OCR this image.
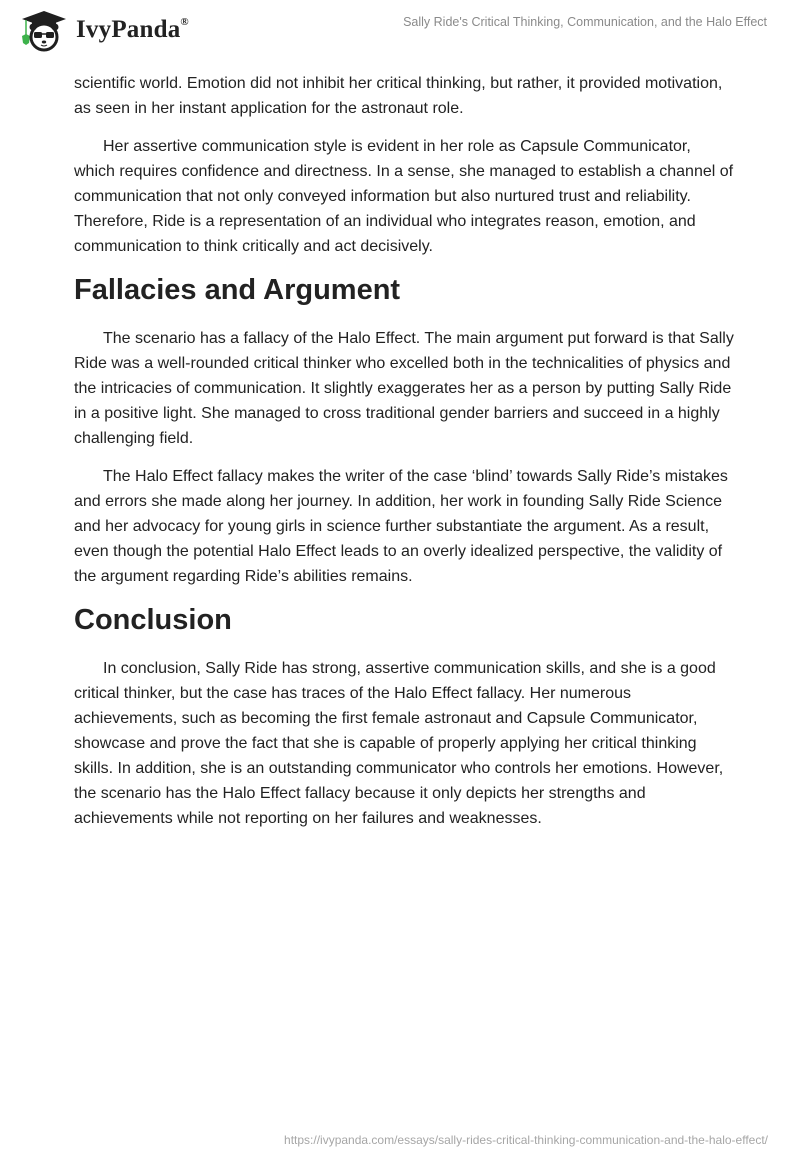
IvyPanda®	Sally Ride's Critical Thinking, Communication, and the Halo Effect

scientific world. Emotion did not inhibit her critical thinking, but rather, it provided motivation, as seen in her instant application for the astronaut role.

Her assertive communication style is evident in her role as Capsule Communicator, which requires confidence and directness. In a sense, she managed to establish a channel of communication that not only conveyed information but also nurtured trust and reliability. Therefore, Ride is a representation of an individual who integrates reason, emotion, and communication to think critically and act decisively.

Fallacies and Argument

The scenario has a fallacy of the Halo Effect. The main argument put forward is that Sally Ride was a well-rounded critical thinker who excelled both in the technicalities of physics and the intricacies of communication. It slightly exaggerates her as a person by putting Sally Ride in a positive light. She managed to cross traditional gender barriers and succeed in a highly challenging field.

The Halo Effect fallacy makes the writer of the case ‘blind’ towards Sally Ride’s mistakes and errors she made along her journey. In addition, her work in founding Sally Ride Science and her advocacy for young girls in science further substantiate the argument. As a result, even though the potential Halo Effect leads to an overly idealized perspective, the validity of the argument regarding Ride’s abilities remains.

Conclusion

In conclusion, Sally Ride has strong, assertive communication skills, and she is a good critical thinker, but the case has traces of the Halo Effect fallacy. Her numerous achievements, such as becoming the first female astronaut and Capsule Communicator, showcase and prove the fact that she is capable of properly applying her critical thinking skills. In addition, she is an outstanding communicator who controls her emotions. However, the scenario has the Halo Effect fallacy because it only depicts her strengths and achievements while not reporting on her failures and weaknesses.

https://ivypanda.com/essays/sally-rides-critical-thinking-communication-and-the-halo-effect/
